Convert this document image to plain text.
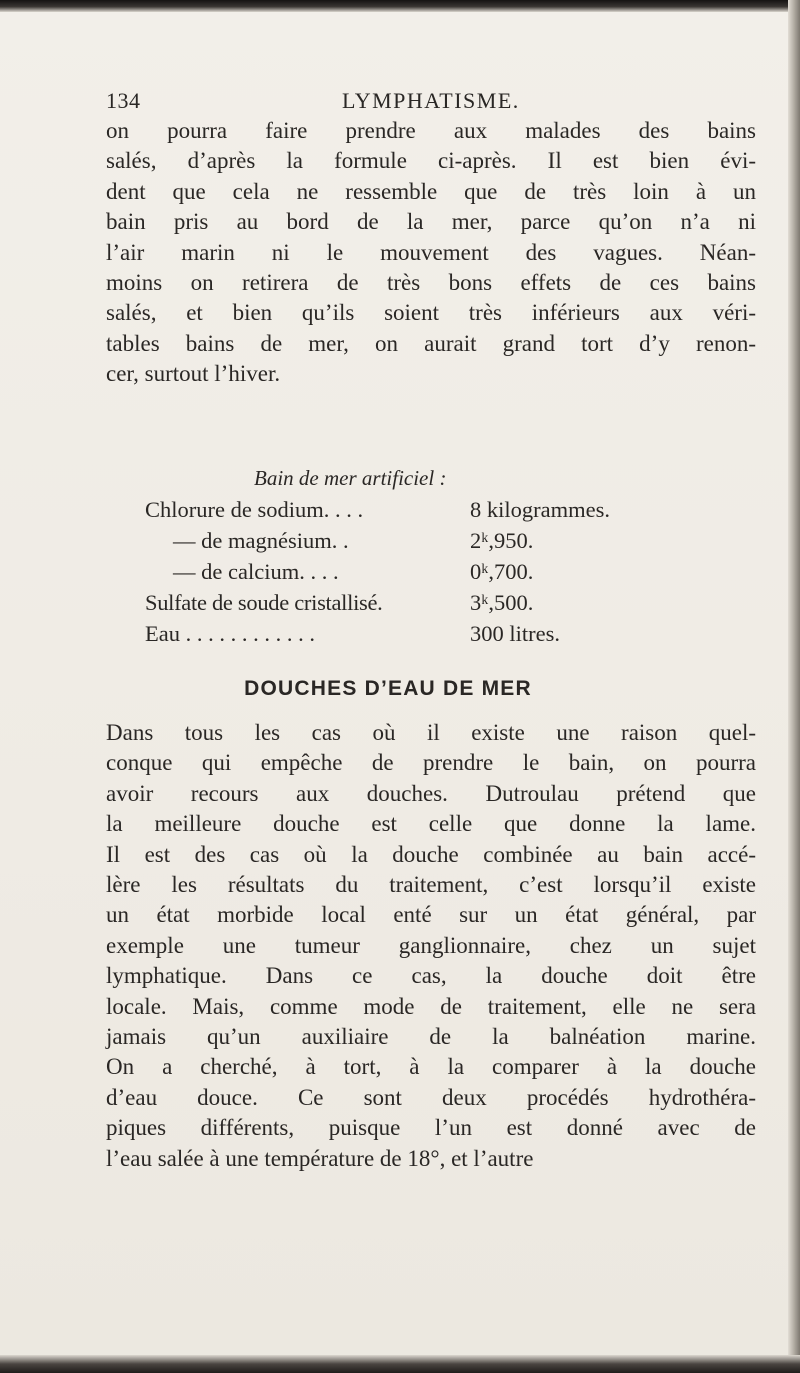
134	LYMPHATISME.

on pourra faire prendre aux malades des bains
salés, d’après la formule ci-après. Il est bien évi-
dent que cela ne ressemble que de très loin à un
bain pris au bord de la mer, parce qu’on n’a ni
l’air marin ni le mouvement des vagues. Néan-
moins on retirera de très bons effets de ces bains
salés, et bien qu’ils soient très inférieurs aux véri-
tables bains de mer, on aurait grand tort d’y renon-
cer, surtout l’hiver.

Bain de mer artificiel :
Chlorure de sodium. . . .	8 kilogrammes.
— de magnésium. .	2ᵏ,950.
— de calcium. . . .	0ᵏ,700.
Sulfate de soude cristallisé.	3ᵏ,500.
Eau . . . . . . . . . . . .	300 litres.
DOUCHES D’EAU DE MER

Dans tous les cas où il existe une raison quel-
conque qui empêche de prendre le bain, on pourra
avoir recours aux douches. Dutroulau prétend que
la meilleure douche est celle que donne la lame.
Il est des cas où la douche combinée au bain accé-
lère les résultats du traitement, c’est lorsqu’il existe
un état morbide local enté sur un état général, par
exemple une tumeur ganglionnaire, chez un sujet
lymphatique. Dans ce cas, la douche doit être
locale. Mais, comme mode de traitement, elle ne sera
jamais qu’un auxiliaire de la balnéation marine.
On a cherché, à tort, à la comparer à la douche
d’eau douce. Ce sont deux procédés hydrothéra-
piques différents, puisque l’un est donné avec de
l’eau salée à une température de 18°, et l’autre
